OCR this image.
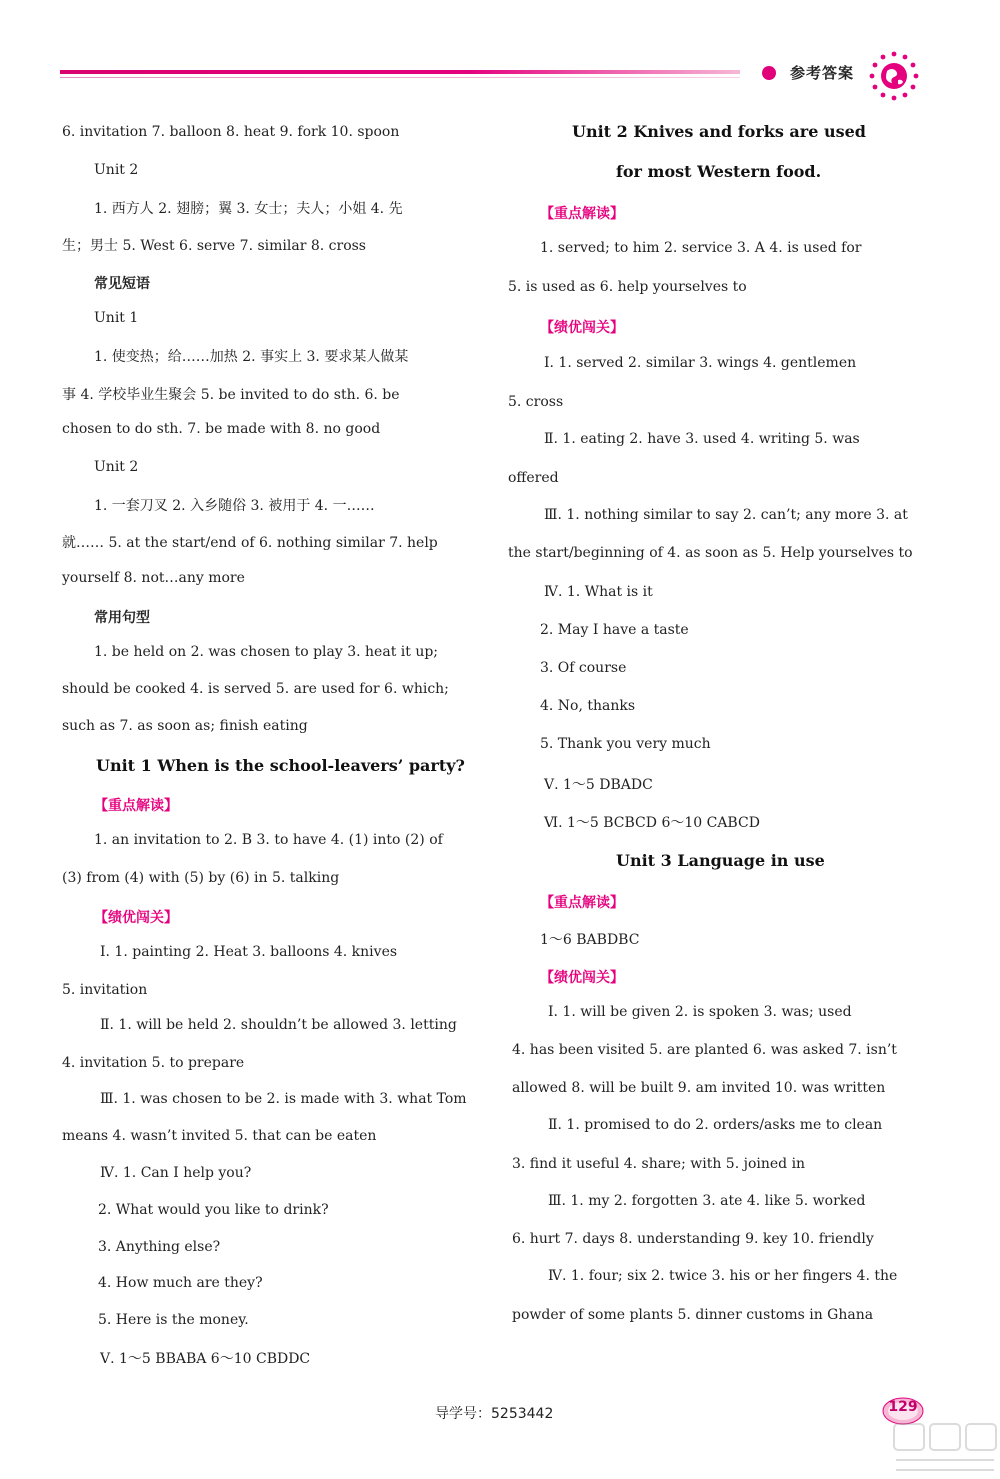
参考答案
6. invitation 7. balloon 8. heat 9. fork 10. spoon
Unit 2
1. 西方人 2. 翅膀；翼 3. 女士；夫人；小姐 4. 先
生；男士 5. West 6. serve 7. similar 8. cross
常见短语
Unit 1
1. 使变热；给……加热 2. 事实上 3. 要求某人做某
事 4. 学校毕业生聚会 5. be invited to do sth. 6. be
chosen to do sth. 7. be made with 8. no good
Unit 2
1. 一套刀叉 2. 入乡随俗 3. 被用于 4. 一……
就…… 5. at the start/end of 6. nothing similar 7. help
yourself 8. not…any more
常用句型
1. be held on 2. was chosen to play 3. heat it up;
should be cooked 4. is served 5. are used for 6. which;
such as 7. as soon as; finish eating
Unit 1 When is the school-leavers’ party?
【重点解读】
1. an invitation to 2. B 3. to have 4. (1) into (2) of
(3) from (4) with (5) by (6) in 5. talking
【绩优闯关】
Ⅰ. 1. painting 2. Heat 3. balloons 4. knives
5. invitation
Ⅱ. 1. will be held 2. shouldn’t be allowed 3. letting
4. invitation 5. to prepare
Ⅲ. 1. was chosen to be 2. is made with 3. what Tom
means 4. wasn’t invited 5. that can be eaten
Ⅳ. 1. Can I help you?
2. What would you like to drink?
3. Anything else?
4. How much are they?
5. Here is the money.
Ⅴ. 1～5 BBABA 6～10 CBDDC
Unit 2 Knives and forks are used
for most Western food.
【重点解读】
1. served; to him 2. service 3. A 4. is used for
5. is used as 6. help yourselves to
【绩优闯关】
Ⅰ. 1. served 2. similar 3. wings 4. gentlemen
5. cross
Ⅱ. 1. eating 2. have 3. used 4. writing 5. was
offered
Ⅲ. 1. nothing similar to say 2. can’t; any more 3. at
the start/beginning of 4. as soon as 5. Help yourselves to
Ⅳ. 1. What is it
2. May I have a taste
3. Of course
4. No, thanks
5. Thank you very much
Ⅴ. 1～5 DBADC
Ⅵ. 1～5 BCBCD 6～10 CABCD
Unit 3 Language in use
【重点解读】
1～6 BABDBC
【绩优闯关】
Ⅰ. 1. will be given 2. is spoken 3. was; used
4. has been visited 5. are planted 6. was asked 7. isn’t
allowed 8. will be built 9. am invited 10. was written
Ⅱ. 1. promised to do 2. orders/asks me to clean
3. find it useful 4. share; with 5. joined in
Ⅲ. 1. my 2. forgotten 3. ate 4. like 5. worked
6. hurt 7. days 8. understanding 9. key 10. friendly
Ⅳ. 1. four; six 2. twice 3. his or her fingers 4. the
powder of some plants 5. dinner customs in Ghana
导学号：5253442	129
